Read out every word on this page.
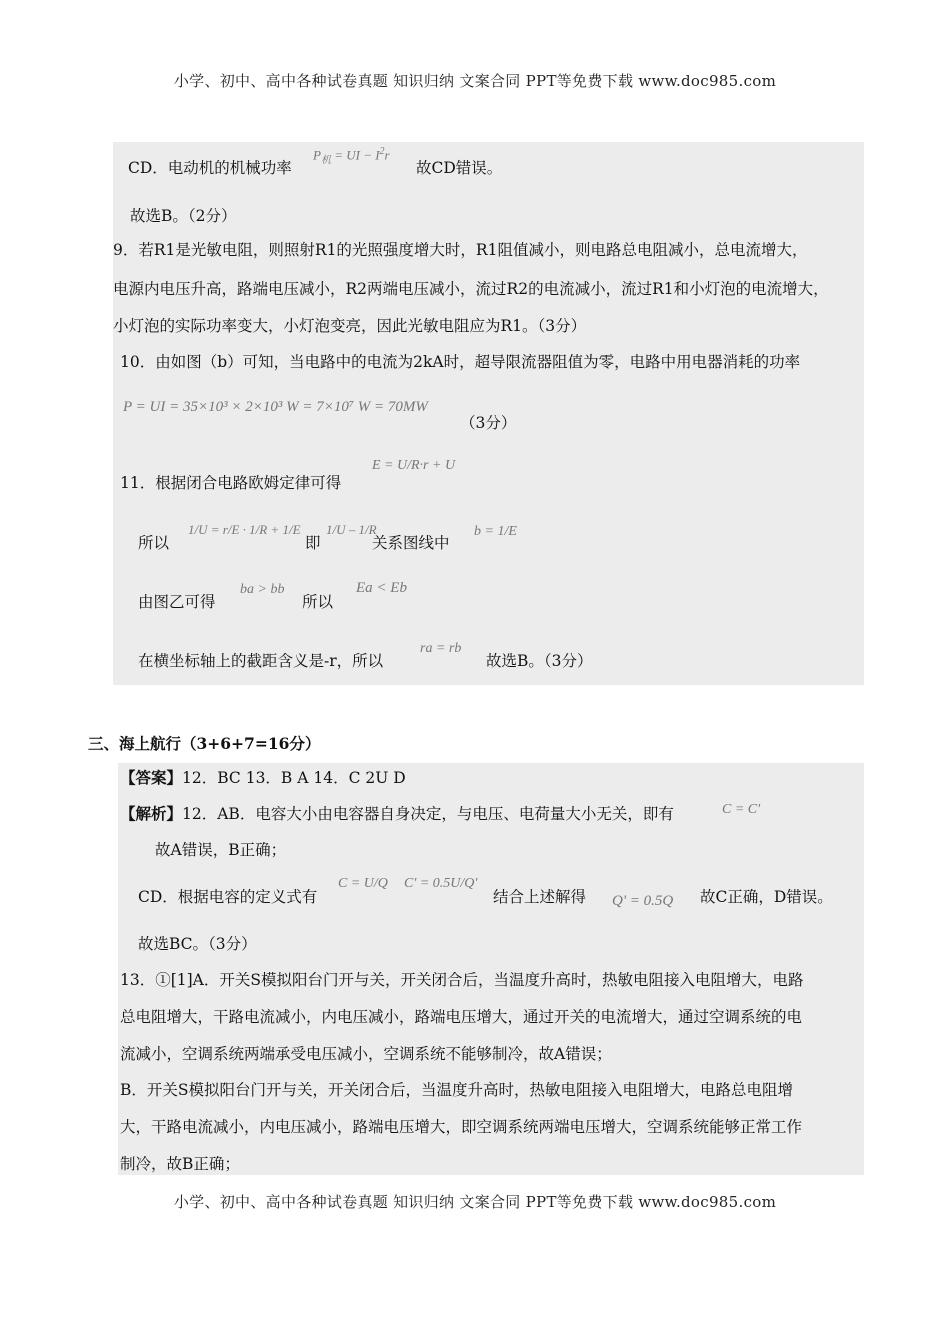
小学、初中、高中各种试卷真题 知识归纳 文案合同 PPT等免费下载 www.doc985.com
CD．电动机的机械功率
$P_机$ = UI − $I^2r$
故CD错误。
故选B。（2分）
9．若R1是光敏电阻，则照射R1的光照强度增大时，R1阻值减小，则电路总电阻减小，总电流增大，
电源内电压升高，路端电压减小，R2两端电压减小，流过R2的电流减小，流过R1和小灯泡的电流增大，
小灯泡的实际功率变大，小灯泡变亮，因此光敏电阻应为R1。（3分）
10．由如图（b）可知，当电路中的电流为2kA时，超导限流器阻值为零，电路中用电器消耗的功率
P = UI = 35×10³ × 2×10³ W = 7×10⁷ W = 70MW
（3分）
11．根据闭合电路欧姆定律可得
E = U/R·r + U
所以
1/U = r/E · 1/R + 1/E
即
1/U – 1/R
关系图线中
b = 1/E
由图乙可得
ba > bb
所以
Ea < Eb
在横坐标轴上的截距含义是-r，所以
ra = rb
故选B。（3分）
三、海上航行（3+6+7=16分）
【答案】12．BC 13．B A 14．C 2U D
【解析】12．AB．电容大小由电容器自身决定，与电压、电荷量大小无关，即有	C = C'
故A错误，B正确；
CD．根据电容的定义式有
C = U/Q C' = 0.5U/Q'
结合上述解得 Q' = 0.5Q 故C正确，D错误。
故选BC。（3分）
13．①[1]A．开关S模拟阳台门开与关，开关闭合后，当温度升高时，热敏电阻接入电阻增大，电路
总电阻增大，干路电流减小，内电压减小，路端电压增大，通过开关的电流增大，通过空调系统的电
流减小，空调系统两端承受电压减小，空调系统不能够制冷，故A错误；
B．开关S模拟阳台门开与关，开关闭合后，当温度升高时，热敏电阻接入电阻增大，电路总电阻增
大，干路电流减小，内电压减小，路端电压增大，即空调系统两端电压增大，空调系统能够正常工作
制冷，故B正确；
小学、初中、高中各种试卷真题 知识归纳 文案合同 PPT等免费下载 www.doc985.com
